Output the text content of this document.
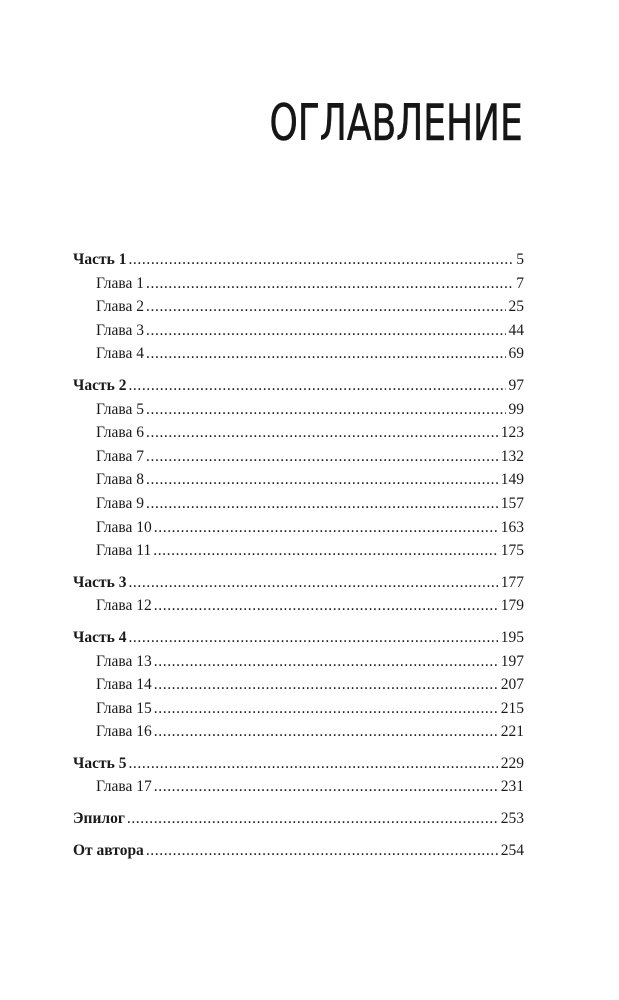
ОГЛАВЛЕНИЕ
Часть 1 .....	5
Глава 1 .....	7
Глава 2 .....	25
Глава 3 .....	44
Глава 4 .....	69
Часть 2 .....	97
Глава 5 .....	99
Глава 6 .....	123
Глава 7 .....	132
Глава 8 .....	149
Глава 9 .....	157
Глава 10 .....	163
Глава 11 .....	175
Часть 3 .....	177
Глава 12 .....	179
Часть 4 .....	195
Глава 13 .....	197
Глава 14 .....	207
Глава 15 .....	215
Глава 16 .....	221
Часть 5 .....	229
Глава 17 .....	231
Эпилог .....	253
От автора .....	254
